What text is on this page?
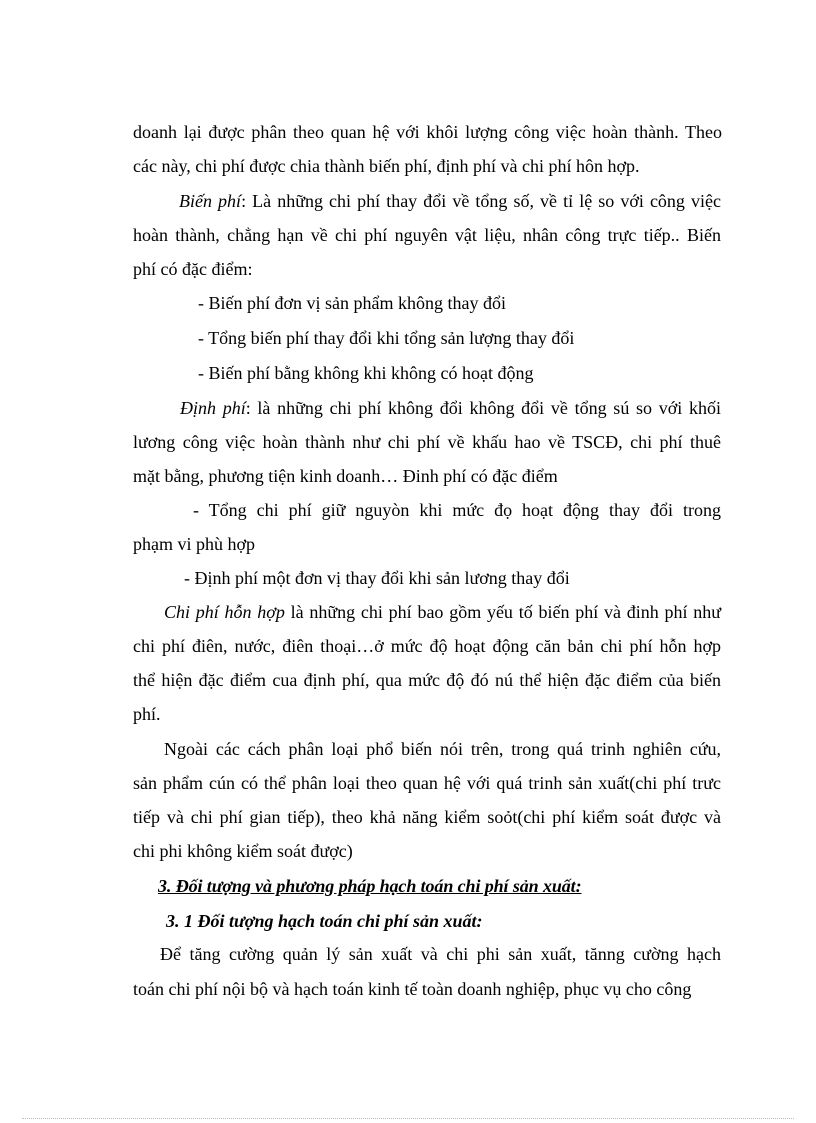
doanh lại được phân theo quan hệ với khôi lượng công việc hoàn thành. Theo
các này, chi phí được chia thành biến phí, định phí và chi phí hôn hợp.
Biến phí: Là những chi phí thay đổi về tổng số, về tỉ lệ so với công việc
hoàn thành, chẳng hạn về chi phí nguyên vật liệu, nhân công trực tiếp.. Biến
phí có đặc điểm:
- Biến phí đơn vị sản phẩm không thay đổi
- Tổng biến phí thay đổi khi tổng sản lượng thay đổi
- Biến phí bằng không khi không có hoạt động
Định phí: là những chi phí không đổi không đổi về tổng sú so với khối
lương công việc hoàn thành như chi phí về khấu hao về TSCĐ, chi phí thuê
mặt bằng, phương tiện kinh doanh… Đinh phí có đặc điểm
- Tổng chi phí giữ nguyòn khi mức đọ hoạt động thay đổi trong
phạm vi phù hợp
- Định phí một đơn vị thay đổi khi sản lương thay đổi
Chi phí hỗn hợp là những chi phí bao gồm yếu tố biến phí và đinh phí như
chi phí điên, nước, điên thoại…ở mức độ hoạt động căn bản chi phí hỗn hợp
thể hiện đặc điểm cua định phí, qua mức độ đó nú thể hiện đặc điểm của biến
phí.
Ngoài các cách phân loại phổ biến nói trên, trong quá trinh nghiên cứu,
sản phẩm cún có thể phân loại theo quan hệ với quá trinh sản xuất(chi phí trưc
tiếp và chi phí gian tiếp), theo khả năng kiểm soỏt(chi phí kiểm soát được và
chi phi không kiểm soát được)
3. Đối tượng và phương pháp hạch toán chi phí sản xuất:
3. 1 Đối tượng hạch toán chi phí sản xuất:
Để tăng cường quản lý sản xuất và chi phi sản xuất, tănng cường hạch
toán chi phí nội bộ và hạch toán kinh tế toàn doanh nghiệp, phục vụ cho công
